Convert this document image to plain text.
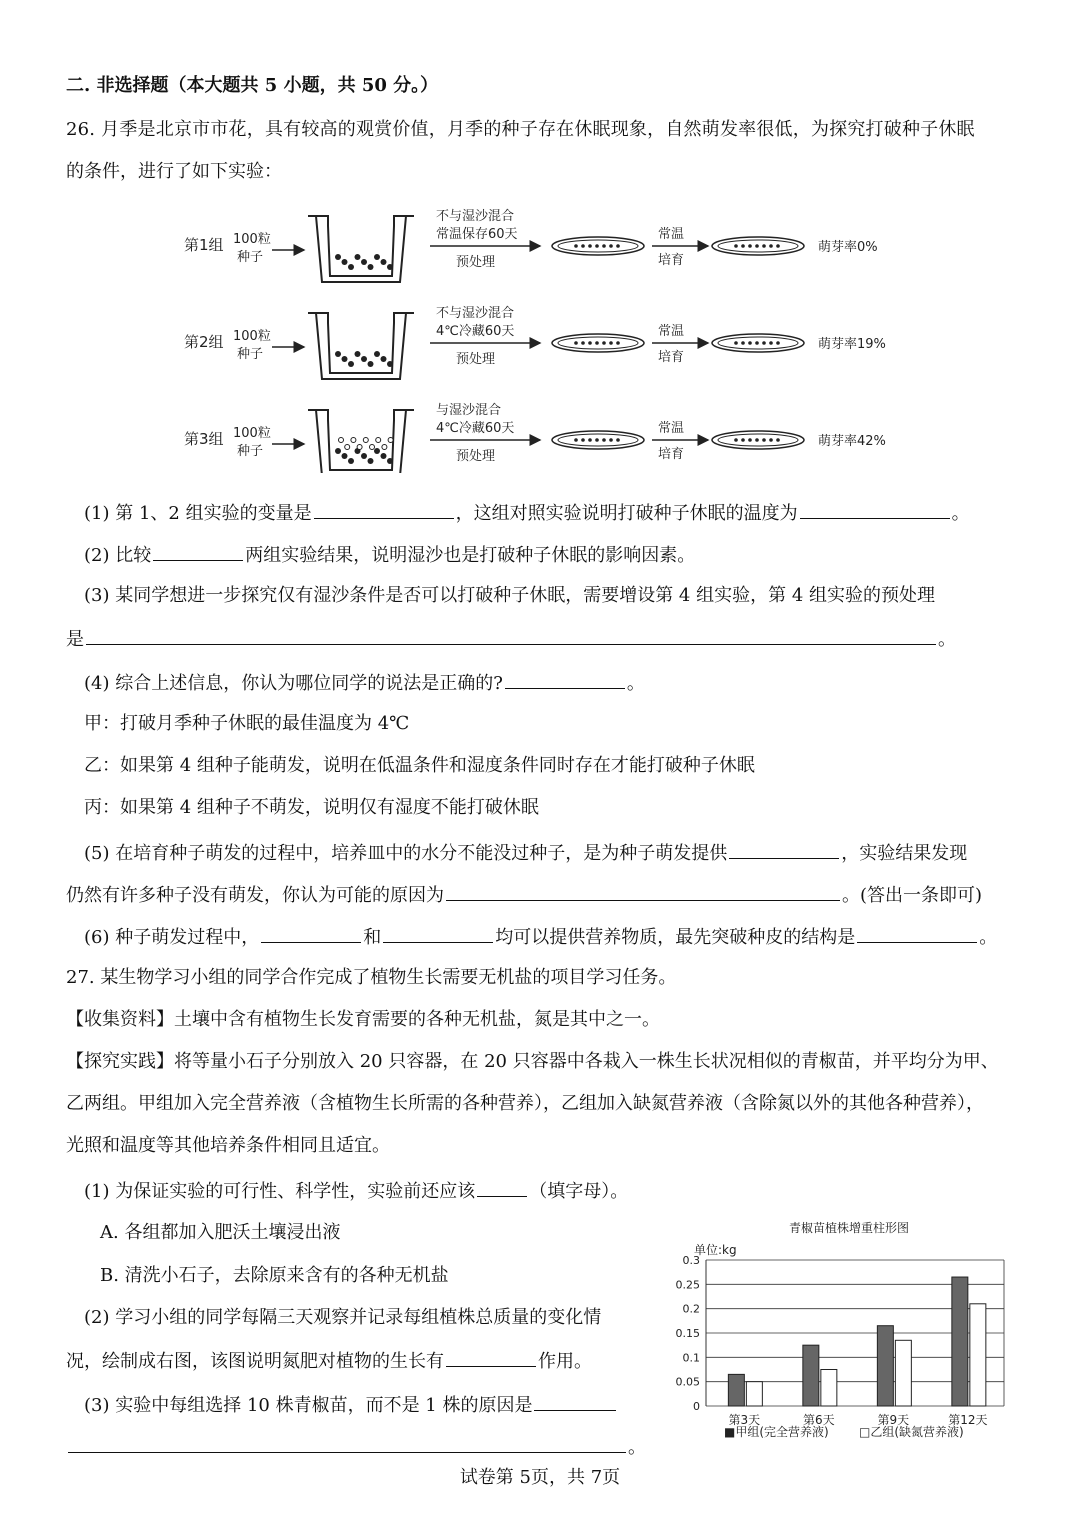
二. 非选择题（本大题共 5 小题，共 50 分。）
26. 月季是北京市市花，具有较高的观赏价值，月季的种子存在休眠现象，自然萌发率很低，为探究打破种子休眠
的条件，进行了如下实验：
第1组 100粒
种子
不与湿沙混合
常温保存60天
预处理
常温
培育
萌芽率0%
第2组 100粒
种子
不与湿沙混合
4℃冷藏60天
预处理
常温
培育
萌芽率19%
第3组 100粒
种子
与湿沙混合
4℃冷藏60天
预处理
常温
培育
萌芽率42%
(1) 第 1、2 组实验的变量是	，这组对照实验说明打破种子休眠的温度为	。
(2) 比较	两组实验结果，说明湿沙也是打破种子休眠的影响因素。
(3) 某同学想进一步探究仅有湿沙条件是否可以打破种子休眠，需要增设第 4 组实验，第 4 组实验的预处理
是	。
(4) 综合上述信息，你认为哪位同学的说法是正确的?	。
甲：打破月季种子休眠的最佳温度为 4℃
乙：如果第 4 组种子能萌发，说明在低温条件和湿度条件同时存在才能打破种子休眠
丙：如果第 4 组种子不萌发，说明仅有湿度不能打破休眠
(5) 在培育种子萌发的过程中，培养皿中的水分不能没过种子，是为种子萌发提供	，实验结果发现
仍然有许多种子没有萌发，你认为可能的原因为	。(答出一条即可)
(6) 种子萌发过程中，	和	均可以提供营养物质，最先突破种皮的结构是	。
27. 某生物学习小组的同学合作完成了植物生长需要无机盐的项目学习任务。
【收集资料】土壤中含有植物生长发育需要的各种无机盐，氮是其中之一。
【探究实践】将等量小石子分别放入 20 只容器，在 20 只容器中各栽入一株生长状况相似的青椒苗，并平均分为甲、
乙两组。甲组加入完全营养液（含植物生长所需的各种营养），乙组加入缺氮营养液（含除氮以外的其他各种营养），
光照和温度等其他培养条件相同且适宜。
(1) 为保证实验的可行性、科学性，实验前还应该	（填字母）。
A. 各组都加入肥沃土壤浸出液
B. 清洗小石子，去除原来含有的各种无机盐
(2) 学习小组的同学每隔三天观察并记录每组植株总质量的变化情
况，绘制成右图，该图说明氮肥对植物的生长有	作用。
(3) 实验中每组选择 10 株青椒苗，而不是 1 株的原因是
。
青椒苗植株增重柱形图
单位:kg
0
0.05
0.1
0.15
0.2
0.25
0.3
第3天	第6天	第9天	第12天
■甲组(完全营养液)	□乙组(缺氮营养液)
试卷第 5页，共 7页
